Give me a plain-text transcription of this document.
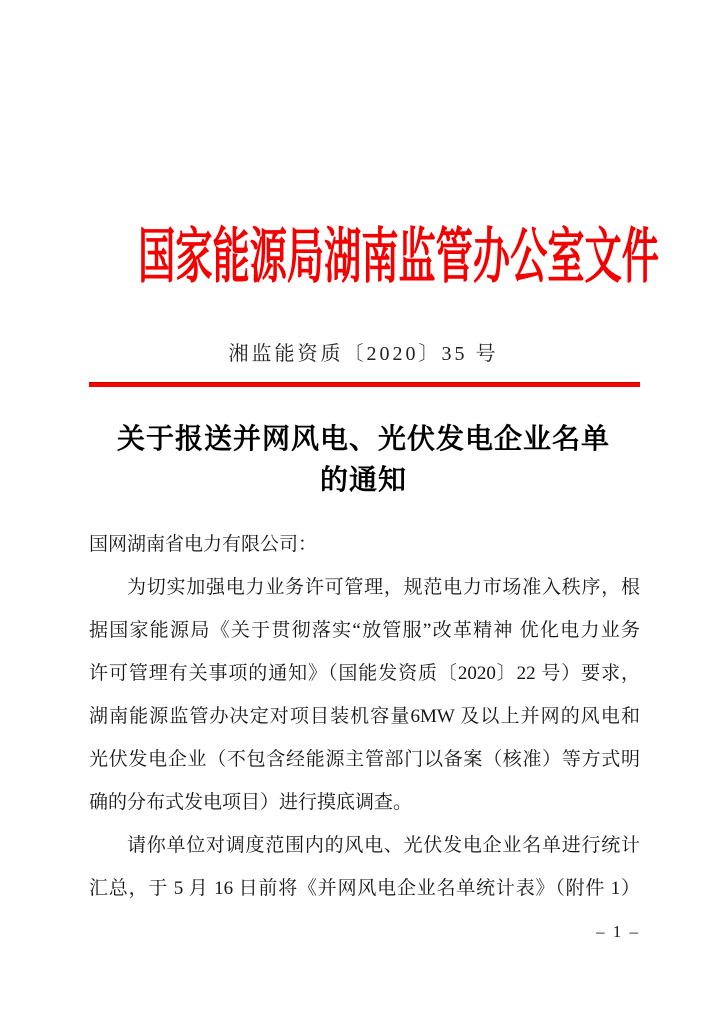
国家能源局湖南监管办公室文件
湘监能资质〔2020〕35 号
关于报送并网风电、光伏发电企业名单
的通知
国网湖南省电力有限公司：
为切实加强电力业务许可管理，规范电力市场准入秩序，根
据国家能源局《关于贯彻落实“放管服”改革精神 优化电力业务
许可管理有关事项的通知》（国能发资质〔2020〕22 号）要求，
湖南能源监管办决定对项目装机容量6MW 及以上并网的风电和
光伏发电企业（不包含经能源主管部门以备案（核准）等方式明
确的分布式发电项目）进行摸底调查。
请你单位对调度范围内的风电、光伏发电企业名单进行统计
汇总，于 5 月 16 日前将《并网风电企业名单统计表》（附件 1）
– 1 –
